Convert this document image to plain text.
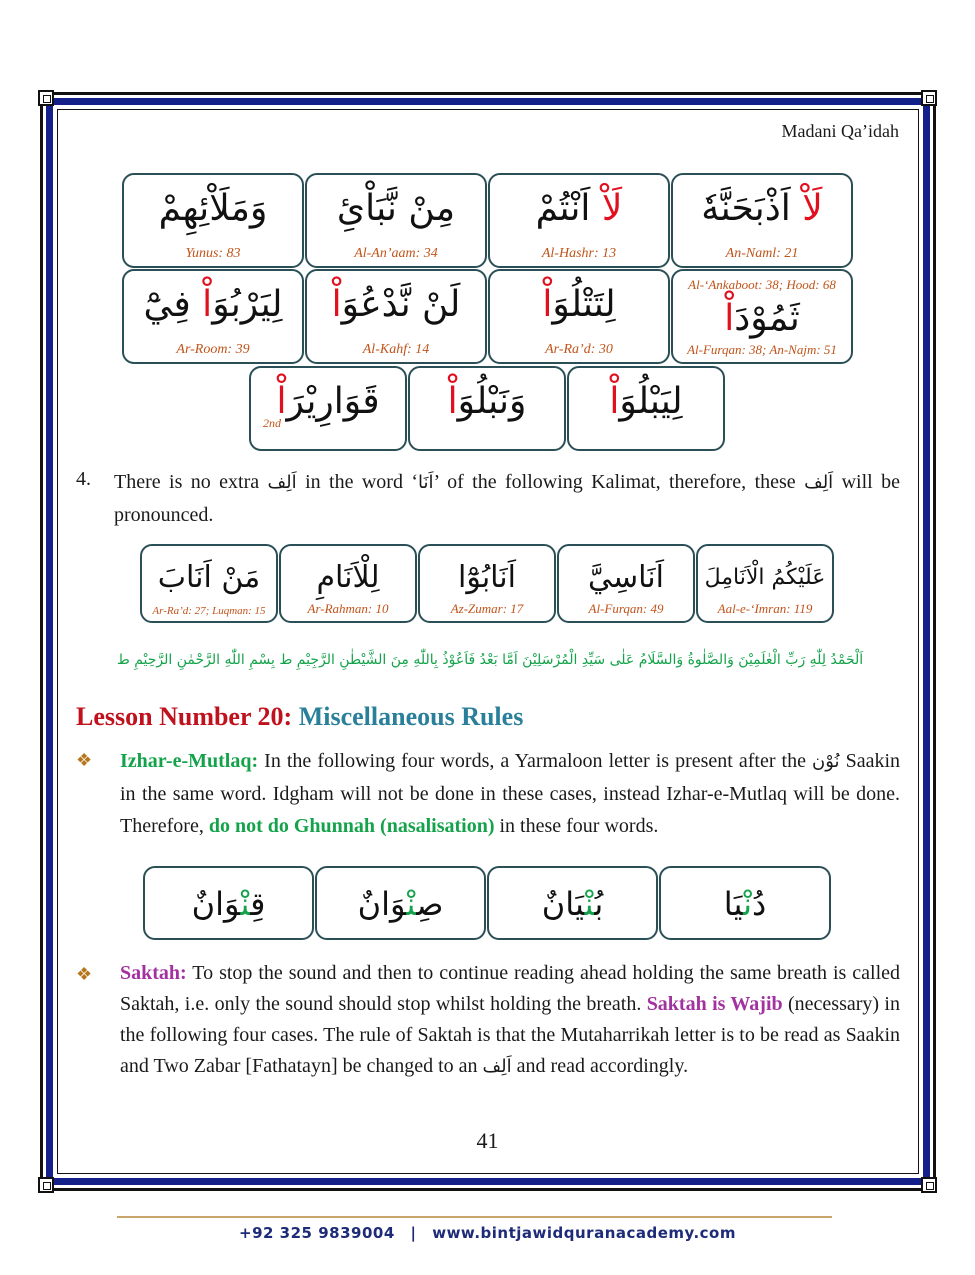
Madani Qa’idah
وَمَلَائِهِمْ
Yunus: 83
مِنْ نَّبَائِ
Al-An’aam: 34
لَاْ اَنْتُمْ
Al-Hashr: 13
لَاْ اَذْبَحَنَّهٗ
An-Naml: 21
لِيَرْبُوَاْ فِيْٓ
Ar-Room: 39
لَنْ نَّدْعُوَاْ
Al-Kahf: 14
لِتَتْلُوَاْ
Ar-Ra’d: 30
Al-‘Ankaboot: 38; Hood: 68
ثَمُوْدَاْ
Al-Furqan: 38; An-Najm: 51
قَوَارِيْرَاْ
2nd
وَنَبْلُوَاْ	لِيَبْلُوَاْ
4. There is no extra اَلِف in the word ‘اَنَا’ of the following Kalimat, therefore, these اَلِف will be pronounced.
مَنْ اَنَابَ
Ar-Ra’d: 27; Luqman: 15
لِلْاَنَامِ
Ar-Rahman: 10
اَنَابُوْٓا
Az-Zumar: 17
اَنَاسِيَّ
Al-Furqan: 49
عَلَيْكُمُ الْاَنَامِلَ
Aal-e-‘Imran: 119
اَلْحَمْدُ لِلّٰهِ رَبِّ الْعٰلَمِيْنَ وَالصَّلٰوةُ وَالسَّلَامُ عَلٰى سَيِّدِ الْمُرْسَلِيْنَ اَمَّا بَعْدُ فَاَعُوْذُ بِاللّٰهِ مِنَ الشَّيْطٰنِ الرَّجِيْمِ ط بِسْمِ اللّٰهِ الرَّحْمٰنِ الرَّحِيْمِ ط
Lesson Number 20: Miscellaneous Rules
❖ Izhar-e-Mutlaq: In the following four words, a Yarmaloon letter is present after the نُوْن Saakin in the same word. Idgham will not be done in these cases, instead Izhar-e-Mutlaq will be done. Therefore, do not do Ghunnah (nasalisation) in these four words.
قِنْوَانٌ	صِنْوَانٌ	بُنْيَانٌ	دُنْيَا
❖ Saktah: To stop the sound and then to continue reading ahead holding the same breath is called Saktah, i.e. only the sound should stop whilst holding the breath. Saktah is Wajib (necessary) in the following four cases. The rule of Saktah is that the Mutaharrikah letter is to be read as Saakin and Two Zabar [Fathatayn] be changed to an اَلِف and read accordingly.
41
+92 325 9839004 | www.bintjawidquranacademy.com
